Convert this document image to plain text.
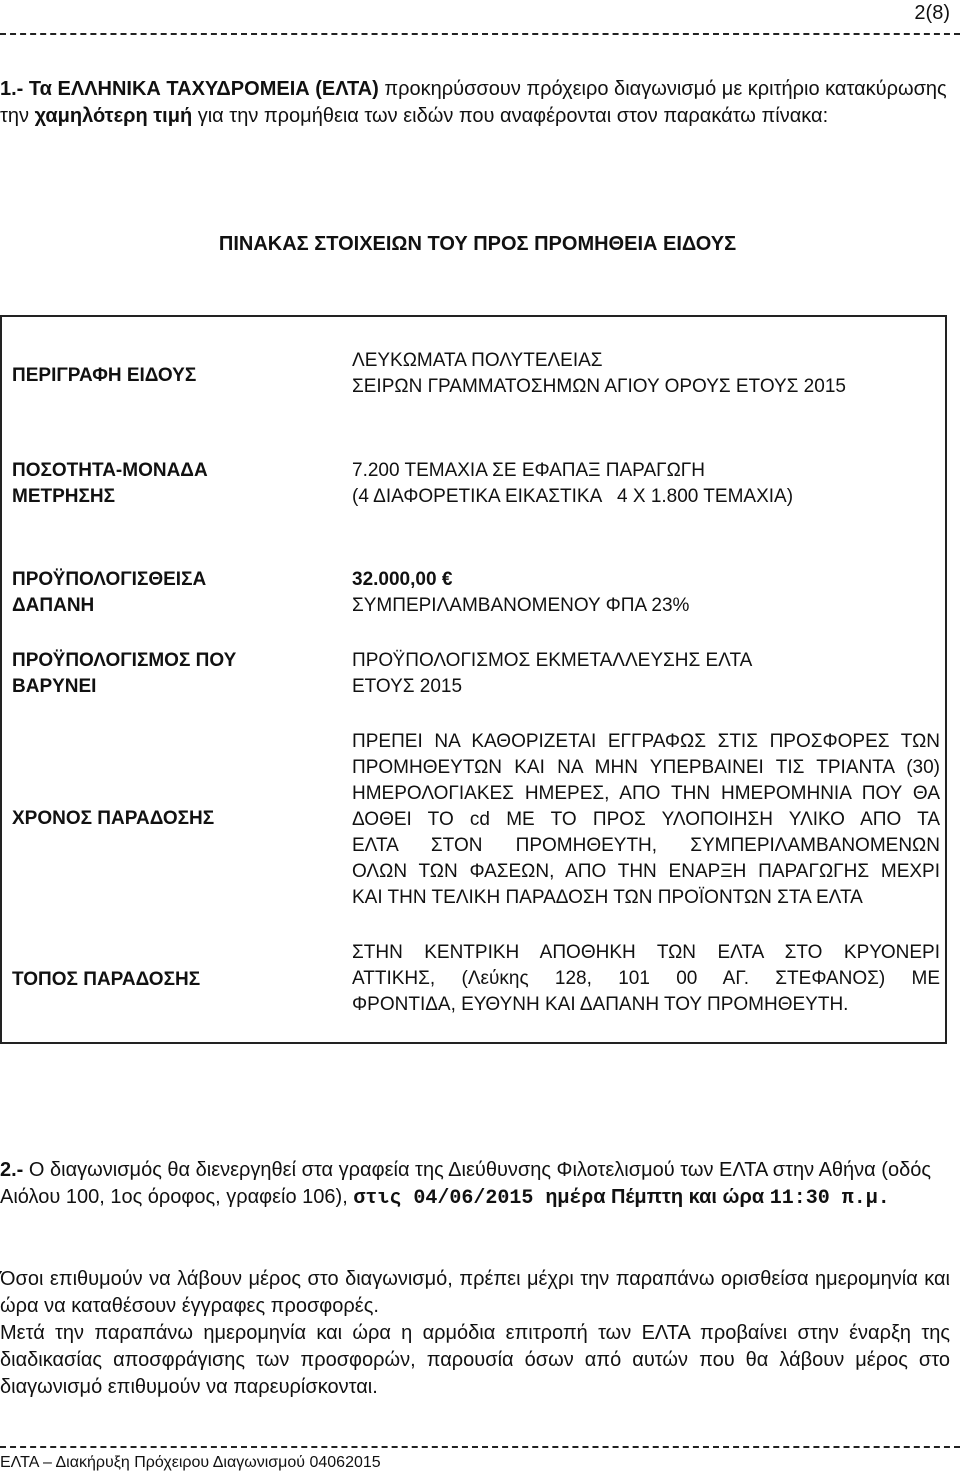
2(8)
1.- Τα ΕΛΛΗΝΙΚΑ ΤΑΧΥΔΡΟΜΕΙΑ (ΕΛΤΑ) προκηρύσσουν πρόχειρο διαγωνισμό με κριτήριο κατακύρωσης την χαμηλότερη τιμή για την προμήθεια των ειδών που αναφέρονται στον παρακάτω πίνακα:
ΠΙΝΑΚΑΣ ΣΤΟΙΧΕΙΩΝ ΤΟΥ ΠΡΟΣ ΠΡΟΜΗΘΕΙΑ ΕΙΔΟΥΣ
ΠΕΡΙΓΡΑΦΗ ΕΙΔΟΥΣ
ΛΕΥΚΩΜΑΤΑ ΠΟΛΥΤΕΛΕΙΑΣ
ΣΕΙΡΩΝ ΓΡΑΜΜΑΤΟΣΗΜΩΝ ΑΓΙΟΥ ΟΡΟΥΣ ΕΤΟΥΣ 2015
ΠΟΣΟΤΗΤΑ-ΜΟΝΑΔΑ
ΜΕΤΡΗΣΗΣ
7.200 ΤΕΜΑΧΙΑ ΣΕ ΕΦΑΠΑΞ ΠΑΡΑΓΩΓΗ
(4 ΔΙΑΦΟΡΕΤΙΚΑ ΕΙΚΑΣΤΙΚΑ   4 Χ 1.800 ΤΕΜΑΧΙΑ)
ΠΡΟΫΠΟΛΟΓΙΣΘΕΙΣΑ
ΔΑΠΑΝΗ
32.000,00 €
ΣΥΜΠΕΡΙΛΑΜΒΑΝΟΜΕΝΟΥ ΦΠΑ 23%
ΠΡΟΫΠΟΛΟΓΙΣΜΟΣ ΠΟΥ
ΒΑΡΥΝΕΙ
ΠΡΟΫΠΟΛΟΓΙΣΜΟΣ ΕΚΜΕΤΑΛΛΕΥΣΗΣ ΕΛΤΑ
ΕΤΟΥΣ 2015
ΧΡΟΝΟΣ ΠΑΡΑΔΟΣΗΣ
ΠΡΕΠΕΙ ΝΑ ΚΑΘΟΡΙΖΕΤΑΙ ΕΓΓΡΑΦΩΣ ΣΤΙΣ ΠΡΟΣΦΟΡΕΣ ΤΩΝ
ΠΡΟΜΗΘΕΥΤΩΝ ΚΑΙ ΝΑ ΜΗΝ ΥΠΕΡΒΑΙΝΕΙ ΤΙΣ ΤΡΙΑΝΤΑ (30)
ΗΜΕΡΟΛΟΓΙΑΚΕΣ ΗΜΕΡΕΣ, ΑΠΟ ΤΗΝ ΗΜΕΡΟΜΗΝΙΑ ΠΟΥ ΘΑ
ΔΟΘΕΙ ΤΟ cd ΜΕ ΤΟ ΠΡΟΣ ΥΛΟΠΟΙΗΣΗ ΥΛΙΚΟ ΑΠΟ ΤΑ
ΕΛΤΑ ΣΤΟΝ ΠΡΟΜΗΘΕΥΤΗ, ΣΥΜΠΕΡΙΛΑΜΒΑΝΟΜΕΝΩΝ
ΟΛΩΝ ΤΩΝ ΦΑΣΕΩΝ, ΑΠΟ ΤΗΝ ΕΝΑΡΞΗ ΠΑΡΑΓΩΓΗΣ ΜΕΧΡΙ
ΚΑΙ ΤΗΝ ΤΕΛΙΚΗ ΠΑΡΑΔΟΣΗ ΤΩΝ ΠΡΟΪΟΝΤΩΝ ΣΤΑ ΕΛΤΑ
ΤΟΠΟΣ ΠΑΡΑΔΟΣΗΣ
ΣΤΗΝ ΚΕΝΤΡΙΚΗ ΑΠΟΘΗΚΗ ΤΩΝ ΕΛΤΑ ΣΤΟ ΚΡΥΟΝΕΡΙ
ΑΤΤΙΚΗΣ, (Λεύκης 128, 101 00 ΑΓ. ΣΤΕΦΑΝΟΣ) ΜΕ
ΦΡΟΝΤΙΔΑ, ΕΥΘΥΝΗ ΚΑΙ ΔΑΠΑΝΗ ΤΟΥ ΠΡΟΜΗΘΕΥΤΗ.
2.- Ο διαγωνισμός θα διενεργηθεί στα γραφεία της Διεύθυνσης Φιλοτελισμού των ΕΛΤΑ στην Αθήνα (οδός Αιόλου 100, 1ος όροφος, γραφείο 106), στις 04/06/2015 ημέρα Πέμπτη και ώρα 11:30 π.μ.
Όσοι επιθυμούν να λάβουν μέρος στο διαγωνισμό, πρέπει μέχρι την παραπάνω ορισθείσα ημερομηνία και ώρα να καταθέσουν έγγραφες προσφορές.
Μετά την παραπάνω ημερομηνία και ώρα η αρμόδια επιτροπή των ΕΛΤΑ προβαίνει στην έναρξη της διαδικασίας αποσφράγισης των προσφορών, παρουσία όσων από αυτών που θα λάβουν μέρος στο διαγωνισμό επιθυμούν να παρευρίσκονται.
ΕΛΤΑ – Διακήρυξη Πρόχειρου Διαγωνισμού 04062015
